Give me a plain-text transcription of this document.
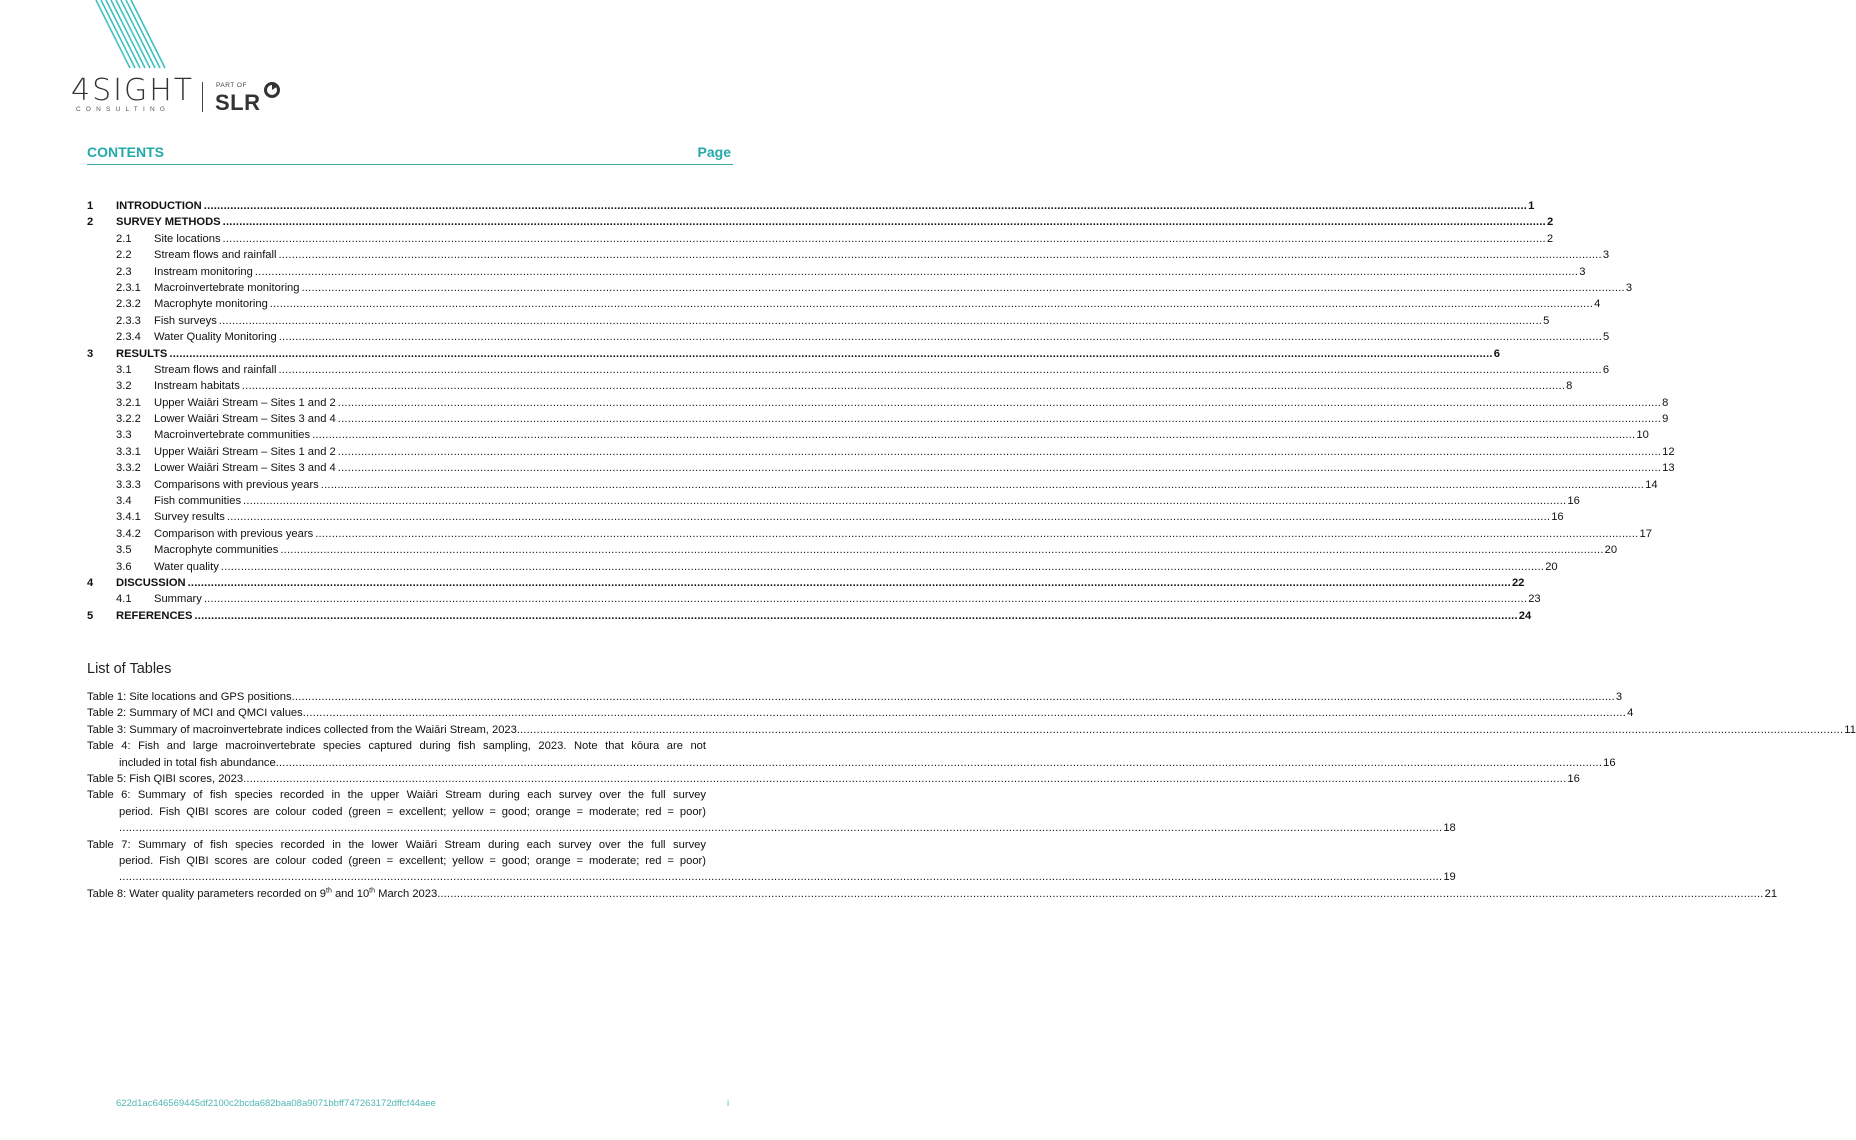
4SIGHT
CONSULTING
PART OF
SLR
CONTENTS	Page
1 INTRODUCTION ................................................................................................................................................................................................................................................................................................................................................................................................................ 1
2 SURVEY METHODS ................................................................................................................................................................................................................................................................................................................................................................................................................ 2
2.1 Site locations ................................................................................................................................................................................................................................................................................................................................................................................................................ 2
2.2 Stream flows and rainfall ................................................................................................................................................................................................................................................................................................................................................................................................................ 3
2.3 Instream monitoring ................................................................................................................................................................................................................................................................................................................................................................................................................ 3
2.3.1 Macroinvertebrate monitoring ................................................................................................................................................................................................................................................................................................................................................................................................................ 3
2.3.2 Macrophyte monitoring ................................................................................................................................................................................................................................................................................................................................................................................................................ 4
2.3.3 Fish surveys ................................................................................................................................................................................................................................................................................................................................................................................................................ 5
2.3.4 Water Quality Monitoring ................................................................................................................................................................................................................................................................................................................................................................................................................ 5
3 RESULTS ................................................................................................................................................................................................................................................................................................................................................................................................................ 6
3.1 Stream flows and rainfall ................................................................................................................................................................................................................................................................................................................................................................................................................ 6
3.2 Instream habitats ................................................................................................................................................................................................................................................................................................................................................................................................................ 8
3.2.1 Upper Waiāri Stream – Sites 1 and 2 ................................................................................................................................................................................................................................................................................................................................................................................................................ 8
3.2.2 Lower Waiāri Stream – Sites 3 and 4 ................................................................................................................................................................................................................................................................................................................................................................................................................ 9
3.3 Macroinvertebrate communities ................................................................................................................................................................................................................................................................................................................................................................................................................ 10
3.3.1 Upper Waiāri Stream – Sites 1 and 2 ................................................................................................................................................................................................................................................................................................................................................................................................................ 12
3.3.2 Lower Waiāri Stream – Sites 3 and 4 ................................................................................................................................................................................................................................................................................................................................................................................................................ 13
3.3.3 Comparisons with previous years ................................................................................................................................................................................................................................................................................................................................................................................................................ 14
3.4 Fish communities ................................................................................................................................................................................................................................................................................................................................................................................................................ 16
3.4.1 Survey results ................................................................................................................................................................................................................................................................................................................................................................................................................ 16
3.4.2 Comparison with previous years ................................................................................................................................................................................................................................................................................................................................................................................................................ 17
3.5 Macrophyte communities ................................................................................................................................................................................................................................................................................................................................................................................................................ 20
3.6 Water quality ................................................................................................................................................................................................................................................................................................................................................................................................................ 20
4 DISCUSSION ................................................................................................................................................................................................................................................................................................................................................................................................................ 22
4.1 Summary ................................................................................................................................................................................................................................................................................................................................................................................................................ 23
5 REFERENCES ................................................................................................................................................................................................................................................................................................................................................................................................................ 24
List of Tables
Table 1: Site locations and GPS positions ................................................................................................................................................................................................................................................................................................................................................................................................................ 3
Table 2: Summary of MCI and QMCI values ................................................................................................................................................................................................................................................................................................................................................................................................................ 4
Table 3: Summary of macroinvertebrate indices collected from the Waiāri Stream, 2023. ................................................................................................................................................................................................................................................................................................................................................................................................................ 11
Table 4: Fish and large macroinvertebrate species captured during fish sampling, 2023. Note that kōura are not
included in total fish abundance. ................................................................................................................................................................................................................................................................................................................................................................................................................ 16
Table 5: Fish QIBI scores, 2023 ................................................................................................................................................................................................................................................................................................................................................................................................................ 16
Table 6: Summary of fish species recorded in the upper Waiāri Stream during each survey over the full survey
period. Fish QIBI scores are colour coded (green = excellent; yellow = good; orange = moderate; red = poor)
................................................................................................................................................................................................................................................................................................................................................................................................................ 18
Table 7: Summary of fish species recorded in the lower Waiāri Stream during each survey over the full survey
period. Fish QIBI scores are colour coded (green = excellent; yellow = good; orange = moderate; red = poor)
................................................................................................................................................................................................................................................................................................................................................................................................................ 19
Table 8: Water quality parameters recorded on 9th and 10th March 2023. ................................................................................................................................................................................................................................................................................................................................................................................................................ 21
622d1ac646569445df2100c2bcda682baa08a9071bbff747263172dffcf44aee	i
